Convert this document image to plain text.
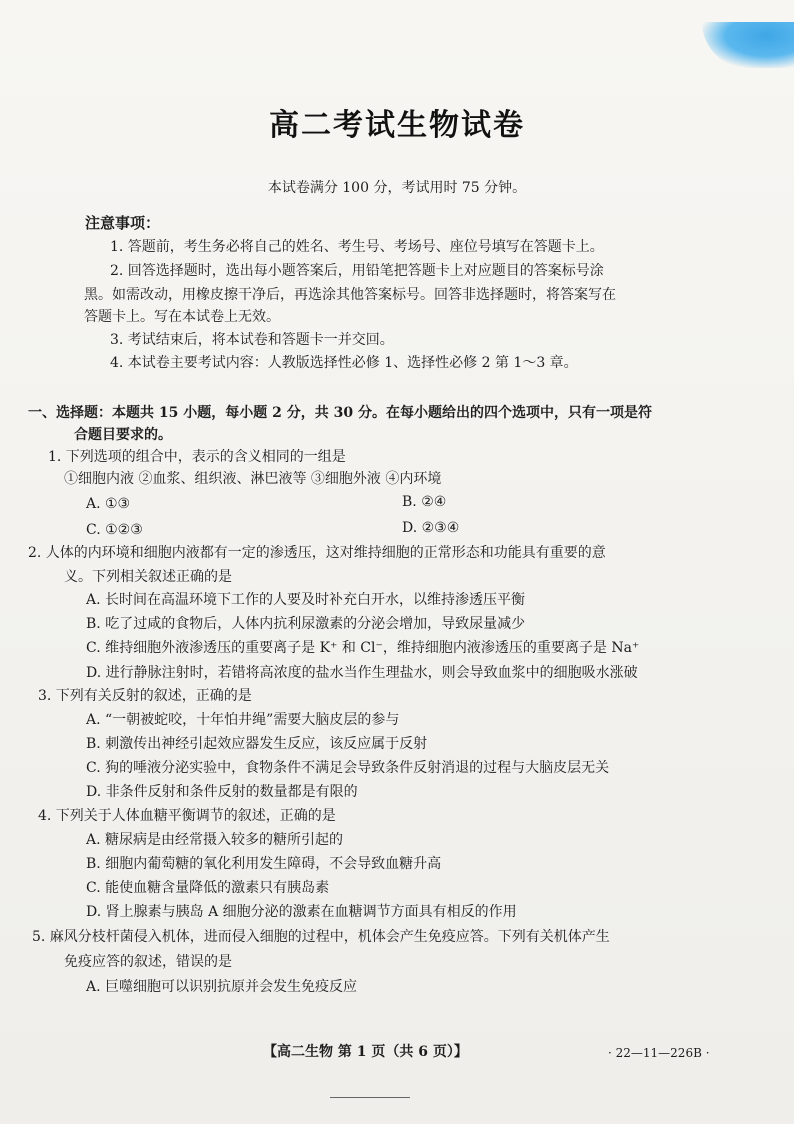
高二考试生物试卷
本试卷满分 100 分，考试用时 75 分钟。
注意事项：
1. 答题前，考生务必将自己的姓名、考生号、考场号、座位号填写在答题卡上。
2. 回答选择题时，选出每小题答案后，用铅笔把答题卡上对应题目的答案标号涂
黑。如需改动，用橡皮擦干净后，再选涂其他答案标号。回答非选择题时，将答案写在
答题卡上。写在本试卷上无效。
3. 考试结束后，将本试卷和答题卡一并交回。
4. 本试卷主要考试内容：人教版选择性必修 1、选择性必修 2 第 1～3 章。
一、选择题：本题共 15 小题，每小题 2 分，共 30 分。在每小题给出的四个选项中，只有一项是符
合题目要求的。
1. 下列选项的组合中，表示的含义相同的一组是
①细胞内液 ②血浆、组织液、淋巴液等 ③细胞外液 ④内环境
A. ①③	B. ②④
C. ①②③	D. ②③④
2. 人体的内环境和细胞内液都有一定的渗透压，这对维持细胞的正常形态和功能具有重要的意
义。下列相关叙述正确的是
A. 长时间在高温环境下工作的人要及时补充白开水，以维持渗透压平衡
B. 吃了过咸的食物后，人体内抗利尿激素的分泌会增加，导致尿量减少
C. 维持细胞外液渗透压的重要离子是 K⁺ 和 Cl⁻，维持细胞内液渗透压的重要离子是 Na⁺
D. 进行静脉注射时，若错将高浓度的盐水当作生理盐水，则会导致血浆中的细胞吸水涨破
3. 下列有关反射的叙述，正确的是
A. “一朝被蛇咬，十年怕井绳”需要大脑皮层的参与
B. 刺激传出神经引起效应器发生反应，该反应属于反射
C. 狗的唾液分泌实验中，食物条件不满足会导致条件反射消退的过程与大脑皮层无关
D. 非条件反射和条件反射的数量都是有限的
4. 下列关于人体血糖平衡调节的叙述，正确的是
A. 糖尿病是由经常摄入较多的糖所引起的
B. 细胞内葡萄糖的氧化利用发生障碍，不会导致血糖升高
C. 能使血糖含量降低的激素只有胰岛素
D. 肾上腺素与胰岛 A 细胞分泌的激素在血糖调节方面具有相反的作用
5. 麻风分枝杆菌侵入机体，进而侵入细胞的过程中，机体会产生免疫应答。下列有关机体产生
免疫应答的叙述，错误的是
A. 巨噬细胞可以识别抗原并会发生免疫反应
【高二生物 第 1 页（共 6 页）】	· 22—11—226B ·
